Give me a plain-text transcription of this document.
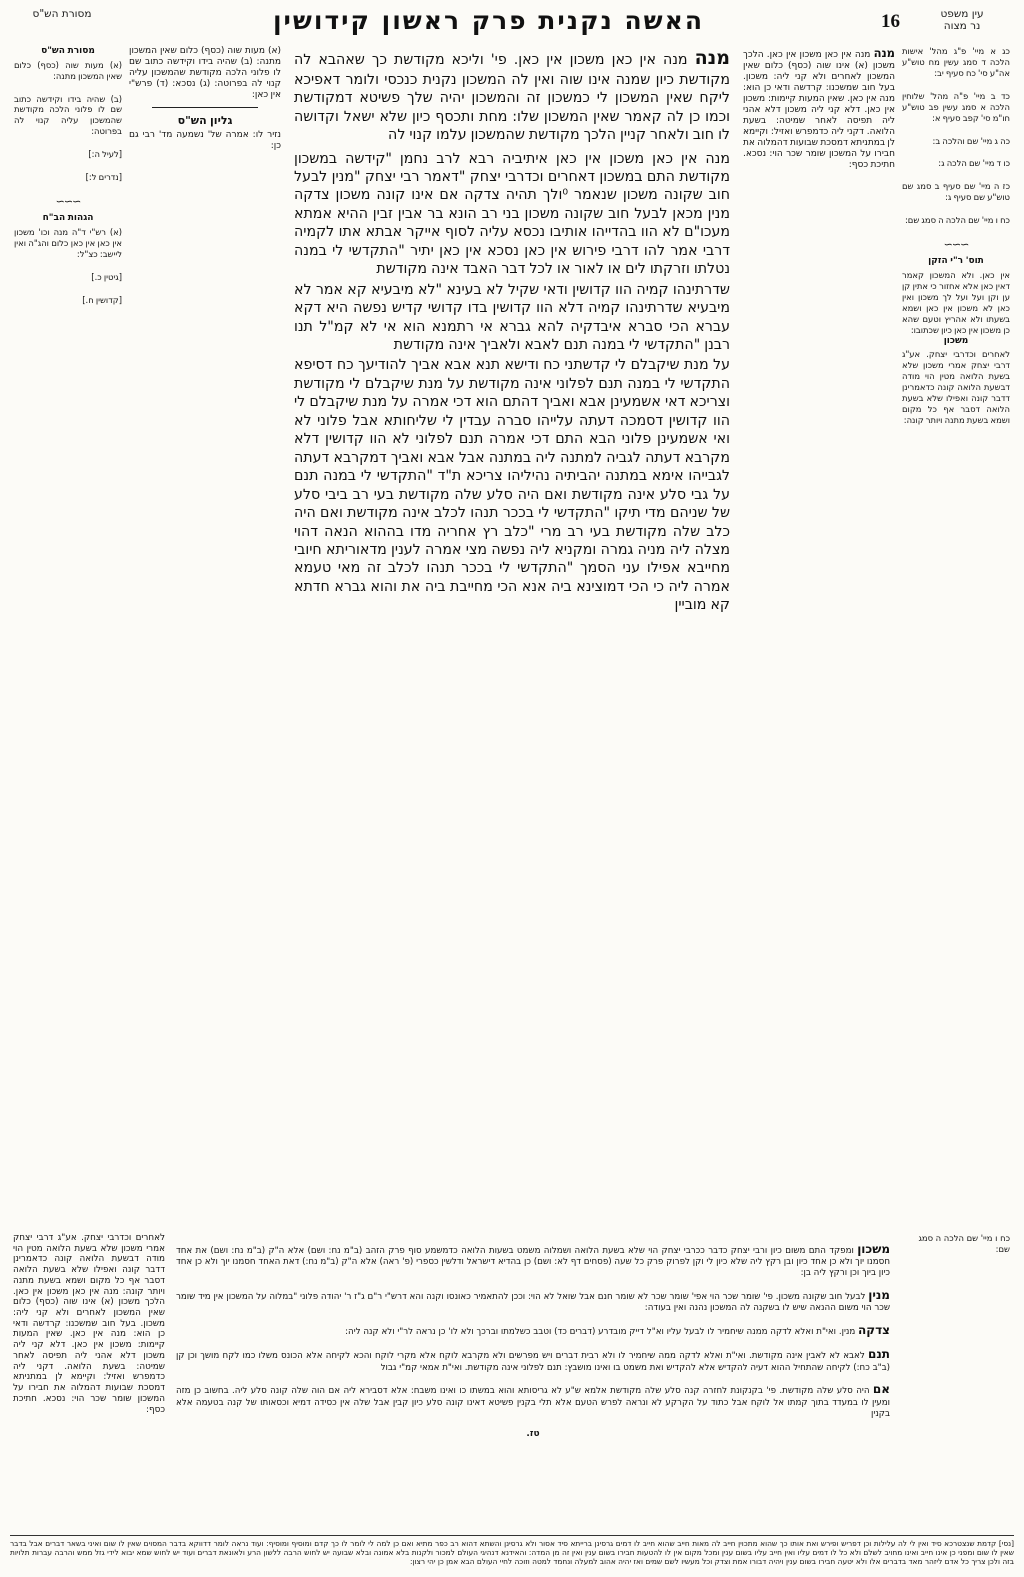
עין משפט
נר מצוה
16
האשה נקנית פרק ראשון קידושין
מסורת הש"ס
כג א מיי' פ"ג מהל' אישות הלכה ד סמג עשין מח טוש"ע אה"ע סי' כח סעיף יב:
כד ב מיי' פ"ה מהל' שלוחין הלכה א סמג עשין פב טוש"ע חו"מ סי' קפב סעיף א:
כה ג מיי' שם והלכה ב:
כו ד מיי' שם הלכה ג:
כז ה מיי' שם סעיף ב סמג שם טוש"ע שם סעיף ג:
כח ו מיי' שם הלכה ה סמג שם:
∼∼∼
תוס' ר"י הזקן
אין כאן. ולא המשכון קאמר דאין כאן אלא אחזור כי אתין קן ען וקן ועל ועל לך משכון ואין כאן לא משכון אין כאן ושמא בשעתו ולא אהריץ וטעם שהא כן משכון אין כאן כיון שכתובו:
משכון
לאחרים וכדרבי יצחק. אע"ג דרבי יצחק אמרי משכון שלא בשעת הלואה מטין הוי מודה דבשעת הלואה קונה כדאמרינן דדבר קונה ואפילו שלא בשעת הלואה דסבר אף כל מקום ושמא בשעת מתנה ויותר קונה:
מנה מנה אין כאן משכון אין כאן. הלכך משכון (א) אינו שוה (כסף) כלום שאין המשכון לאחרים ולא קני ליה: משכון. בעל חוב שמשכנו: קרדשה ודאי כן הוא: מנה אין כאן. שאין המעות קיימות: משכון אין כאן. דלא קני ליה משכון דלא אהני ליה תפיסה לאחר שמיטה: בשעת הלואה. דקני ליה כדמפרש ואזיל: וקיימא לן במתניתא דמסכת שבועות דהמלוה את חבירו על המשכון שומר שכר הוי: נסכא. חתיכת כסף:

מנה מנה אין כאן משכון אין כאן. פי' וליכא מקודשת כך שאהבא לה מקודשת כיון שמנה אינו שוה ואין לה המשכון נקנית כנכסי ולומר דאפיכא ליקח שאין המשכון לי כמשכון זה והמשכון יהיה שלך פשיטא דמקודשת וכמו כן לה קאמר שאין המשכון שלו: מחת ותכסף כיון שלא ישאל וקדושה לו חוב ולאחר קניין הלכך מקודשת שהמשכון עלמו קנוי לה

מנה אין כאן משכון אין כאן איתיביה רבא לרב נחמן "קידשה במשכון מקודשת התם במשכון דאחרים וכדרבי יצחק "דאמר רבי יצחק "מנין לבעל חוב שקונה משכון שנאמר ⁰ולך תהיה צדקה אם אינו קונה משכון צדקה מנין מכאן לבעל חוב שקונה משכון בני רב הונא בר אבין זבין ההיא אמתא מעכו"ם לא הוו בהדייהו אותיבו נכסא עליה לסוף אייקר אבתא אתו לקמיה דרבי אמר להו דרבי פירוש אין כאן נסכא אין כאן יתיר "התקדשי לי במנה נטלתו וזרקתו לים או לאור או לכל דבר האבד אינה מקודשת

שדרתינהו קמיה הוו קדושין ודאי שקיל לא בעינא "לא מיבעיא קא אמר לא מיבעיא שדרתינהו קמיה דלא הוו קדושין בדו קדושי קדיש נפשה היא דקא עברא הכי סברא איבדקיה להא גברא אי רתמנא הוא אי לא קמ"ל תנו רבנן "התקדשי לי במנה תנם לאבא ולאביך אינה מקודשת

על מנת שיקבלם לי קדשתני כח ודישא תנא אבא אביך להודיעך כח דסיפא התקדשי לי במנה תנם לפלוני אינה מקודשת על מנת שיקבלם לי מקודשת וצריכא דאי אשמעינן אבא ואביך דהתם הוא דכי אמרה על מנת שיקבלם לי הוו קדושין דסמכה דעתה עלייהו סברה עבדין לי שליחותא אבל פלוני לא ואי אשמעינן פלוני הבא התם דכי אמרה תנם לפלוני לא הוו קדושין דלא מקרבא דעתה לגביה למתנה ליה במתנה אבל אבא ואביך דמקרבא דעתה לגבייהו אימא במתנה יהביתיה נהיליהו צריכא ת"ד "התקדשי לי במנה תנם על גבי סלע אינה מקודשת ואם היה סלע שלה מקודשת בעי רב ביבי סלע של שניהם מדי תיקו "התקדשי לי בככר תנהו לכלב אינה מקודשת ואם היה כלב שלה מקודשת בעי רב מרי "כלב רץ אחריה מדו בההוא הנאה דהוי מצלה ליה מניה גמרה ומקניא ליה נפשה מצי אמרה לענין מדאוריתא חיובי מחייבא אפילו עני הסמך "התקדשי לי בככר תנהו לכלב זה מאי טעמא אמרה ליה כי הכי דמוצינא ביה אנא הכי מחייבת ביה את והוא גברא חדתא קא מוביין

(א) מעות שוה (כסף) כלום שאין המשכון מתנה: (ב) שהיה בידו וקידשה כתוב שם לו פלוני הלכה מקודשת שהמשכון עליה קנוי לה בפרוטה: (ג) נסכא: (ד) פרש"י אין כאן:
גליון הש"ס
נזיר לו: אמרה של' נשמעה מד' רבי גם כן:
מסורת הש"ס
(א) מעות שוה (כסף) כלום שאין המשכון מתנה:
(ב) שהיה בידו וקידשה כתוב שם לו פלוני הלכה מקודשת שהמשכון עליה קנוי לה בפרוטה:
[לעיל ה:]
[נדרים ל:]
∼∼∼
הגהות הב"ח
(א) רש"י ד"ה מנה וכו' משכון אין כאן אין כאן כלום והג"ה ואין ליישב: כצ"ל:
[גיטין כ.]
[קדושין ח.]
כח ו מיי' שם הלכה ה סמג שם:

משכון ומפקד התם משום כיון ורבי יצחק כדבר ככרבי יצחק הוי שלא בשעת הלואה ושמלוה משמט בשעות הלואה כדמשמע סוף פרק הזהב (ב"מ נח: ושם) אלא ה"ק (ב"מ נח: ושם) את אחד חסמנו יוך ולא כן אחד כיון ובן רקץ ליה שלא כיון לי וקן לפרוק פרק כל שעה (פסחים דף לא: ושם) כן בהדיא דישראל ודלשין כספרי (פ' ראה) אלא ה"ק (ב"מ נח:) דאת האחד חסמנו יוך ולא כן אחד כיון ביוך וכן ורקץ ליה בן:

מנין לבעל חוב שקונה משכון. פי' שומר שכר הוי אפי' שומר שכר לא שומר חנם אבל שואל לא הוי: וככן להתאמיר כאונסו וקנה והא דרש"י ר"ם ג"ז ר' יהודה פלוני "במלוה על המשכון אין מיד שומר שכר הוי משום ההנאה שיש לו בשקנה לה המשכון נהנה ואין בעודה:

צדקה מנין. ואי"ת ואלא לדקה ממנה שיחמיר לו לבעל עליו וא"ל דייק מובדרע (דברים כד) וטבב כשלמתו וברכך ולא לו' כן נראה לר"י ולא קנה ליה:

תנם לאבא לא לאבין אינה מקודשת. ואי"ת ואלא לדקה ממה שיחמיר לו ולא רבית דברים ויש מפרשים ולא מקרבא לוקח אלא מקרי לוקח והכא לקיחה אלא הכונס משלו כמו לקח מושך וכן קן (ב"ב כח:) לקיחה שהתחיל ההוא דעיה להקדיש אלא להקדיש ואת משמט בו ואינו מושבץ: תנם לפלוני אינה מקודשת. ואי"ת אמאי קמ"י גבול

אם היה סלע שלה מקודשת. פי' בקנקונת לחזרה קנה סלע שלה מקודשת אלמא ש"ע לא גריסותא והוא במשתו כו ואינו משבח: אלא דסבירא ליה אם הוה שלה קונה סלע ליה. בחשוב כן מזה ומעין לו במעדד בתוך קמתו אל לוקח אבל כתוד על הקרקע לא ונראה לפרש הטעם אלא תלי בקנין פשיטא דאינו קונה סלע כיון קבין אבל שלה אין כסידה דמיא וכסאותו של קנה בטעמה אלא בקנין

טז.
לאחרים וכדרבי יצחק. אע"ג דרבי יצחק אמרי משכון שלא בשעת הלואה מטין הוי מודה דבשעת הלואה קונה כדאמרינן דדבר קונה ואפילו שלא בשעת הלואה דסבר אף כל מקום ושמא בשעת מתנה ויותר קונה: מנה אין כאן משכון אין כאן. הלכך משכון (א) אינו שוה (כסף) כלום שאין המשכון לאחרים ולא קני ליה: משכון. בעל חוב שמשכנו: קרדשה ודאי כן הוא: מנה אין כאן. שאין המעות קיימות: משכון אין כאן. דלא קני ליה משכון דלא אהני ליה תפיסה לאחר שמיטה: בשעת הלואה. דקני ליה כדמפרש ואזיל: וקיימא לן במתניתא דמסכת שבועות דהמלוה את חבירו על המשכון שומר שכר הוי: נסכא. חתיכת כסף:

[נסי] קדמת שנצטרכא סיד ואין לי לה עלילות וכן דפריש ופירש ואת אותו כך שהוא מתכוין חייב לה מאות חייב שהוא חייב לו דמים גרסינן ברייתא סיד אסור ולא גרסינן והשתא דהוא רב כפר מתיא ואם כן למה לי לומר לו כך קדם ומוסיף ומוסיף: ועוד נראה לומר דדווקא בדבר המסוים שאין לו שום ואיני בשאר דברים אבל בדבר שאין לו שום ומפני כן אינו חייב ואינו מחויב לשלם ולא כל לו דמים עליו ואין חייב עליו בשום ענין ומכל מקום אין לו להטעות חבירו בשום ענין ואין זה מן המדה: והאידנא דנהיגי העולם למכור ולקנות בלא אמונה ובלא שבועה יש לחוש הרבה ללשון הרע ולאונאת דברים ועוד יש לחוש שמא יבוא לידי גזל ממש והרבה עברות תלויות בזה ולכן צריך כל אדם ליזהר מאד בדברים אלו ולא יטעה חבירו בשום ענין ויהיה דבורו אמת וצדק וכל מעשיו לשם שמים ואז יהיה אהוב למעלה ונחמד למטה וזוכה לחיי העולם הבא אמן כן יהי רצון:
